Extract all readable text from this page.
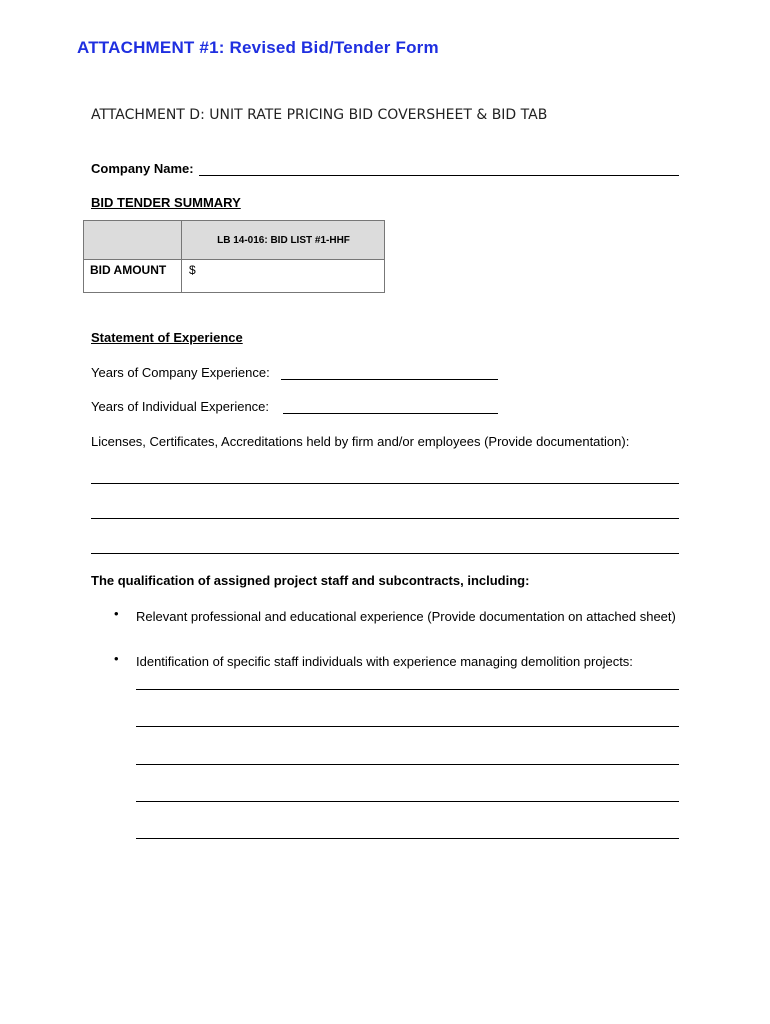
ATTACHMENT #1: Revised Bid/Tender Form
ATTACHMENT D: UNIT RATE PRICING BID COVERSHEET & BID TAB
Company Name:
BID TENDER SUMMARY
LB 14-016: BID LIST #1-HHF
BID AMOUNT $
Statement of Experience
Years of Company Experience:
Years of Individual Experience:
Licenses, Certificates, Accreditations held by firm and/or employees (Provide documentation):
The qualification of assigned project staff and subcontracts, including:
• Relevant professional and educational experience (Provide documentation on attached sheet)
• Identification of specific staff individuals with experience managing demolition projects:
